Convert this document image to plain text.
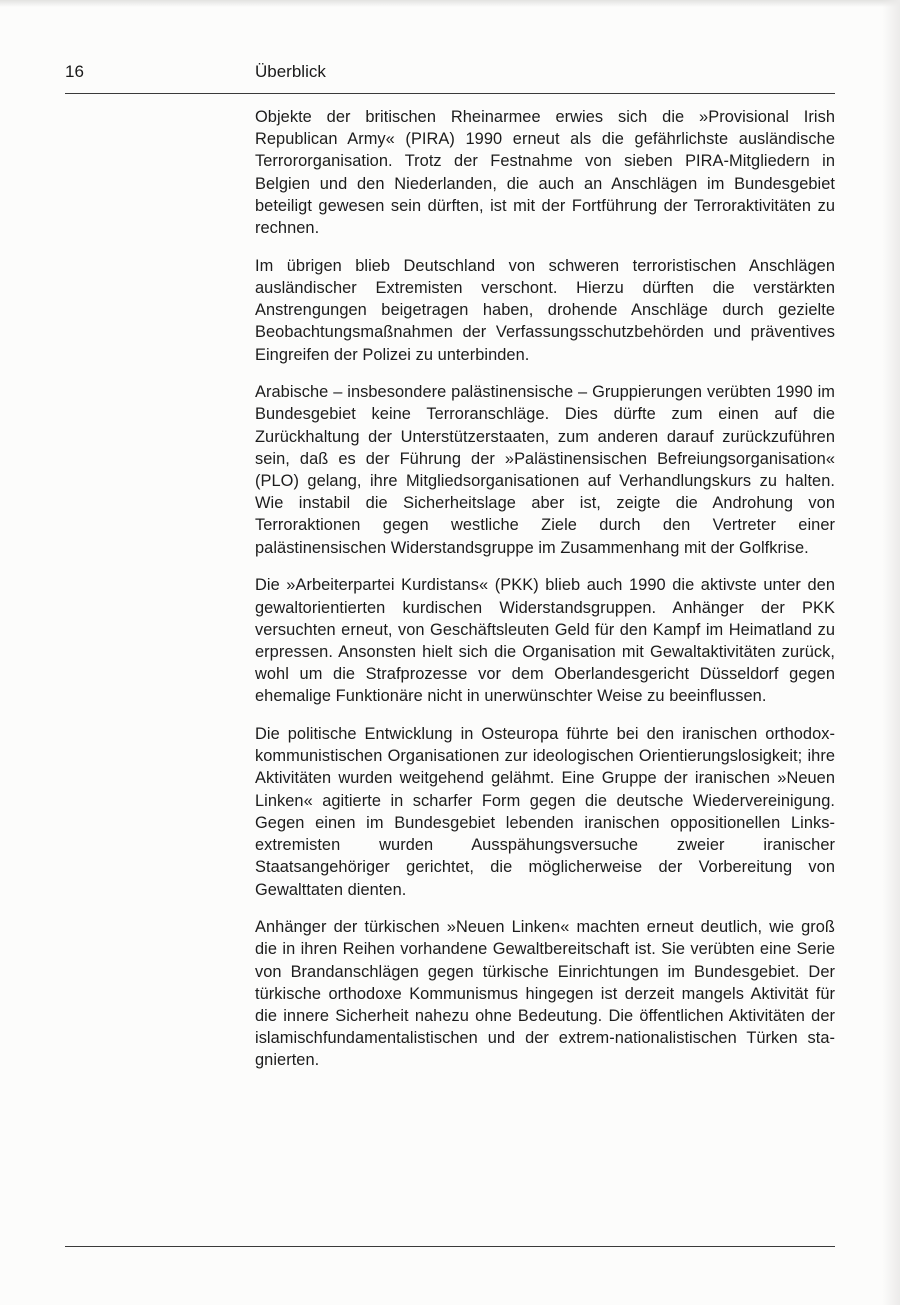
16	Überblick

Objekte der britischen Rheinarmee erwies sich die »Provisional Irish Republican Army« (PIRA) 1990 erneut als die gefährlichste ausländische Terrororganisation. Trotz der Festnahme von sieben PIRA-Mitgliedern in Belgien und den Niederlanden, die auch an Anschlägen im Bundesgebiet beteiligt gewesen sein dürften, ist mit der Fortführung der Terroraktivitäten zu rechnen.

Im übrigen blieb Deutschland von schweren terroristischen Anschlägen ausländischer Extremisten verschont. Hierzu dürften die verstärkten Anstrengungen beigetragen haben, drohende Anschläge durch gezielte Beobachtungsmaßnahmen der Verfassungsschutzbehörden und präventives Eingreifen der Polizei zu unterbinden.

Arabische – insbesondere palästinensische – Gruppierungen verübten 1990 im Bundesgebiet keine Terroranschläge. Dies dürfte zum einen auf die Zurückhaltung der Unterstützerstaaten, zum anderen darauf zurückzuführen sein, daß es der Führung der »Palästinensischen Befreiungsorganisation« (PLO) gelang, ihre Mitgliedsorganisationen auf Verhandlungskurs zu halten. Wie instabil die Sicherheitslage aber ist, zeigte die Androhung von Terroraktionen gegen westliche Ziele durch den Vertreter einer palästinensischen Widerstandsgruppe im Zusammenhang mit der Golfkrise.

Die »Arbeiterpartei Kurdistans« (PKK) blieb auch 1990 die aktivste unter den gewaltorientierten kurdischen Widerstandsgruppen. Anhänger der PKK versuchten erneut, von Geschäftsleuten Geld für den Kampf im Heimatland zu erpressen. Ansonsten hielt sich die Organisation mit Gewaltaktivitäten zurück, wohl um die Strafprozesse vor dem Oberlandesgericht Düsseldorf gegen ehemalige Funktionäre nicht in unerwünschter Weise zu beeinflussen.

Die politische Entwicklung in Osteuropa führte bei den iranischen orthodox-kommunistischen Organisationen zur ideologischen Orientierungslosigkeit; ihre Aktivitäten wurden weitgehend gelähmt. Eine Gruppe der iranischen »Neuen Linken« agitierte in scharfer Form gegen die deutsche Wiedervereinigung. Gegen einen im Bundesgebiet lebenden iranischen oppositionellen Linksextremisten wurden Ausspähungsversuche zweier iranischer Staatsangehöriger gerichtet, die möglicherweise der Vorbereitung von Gewalttaten dienten.

Anhänger der türkischen »Neuen Linken« machten erneut deutlich, wie groß die in ihren Reihen vorhandene Gewaltbereitschaft ist. Sie verübten eine Serie von Brandanschlägen gegen türkische Einrichtungen im Bundesgebiet. Der türkische orthodoxe Kommunismus hingegen ist derzeit mangels Aktivität für die innere Sicherheit nahezu ohne Bedeutung. Die öffentlichen Aktivitäten der islamischfundamentalistischen und der extrem-nationalistischen Türken stagnierten.
